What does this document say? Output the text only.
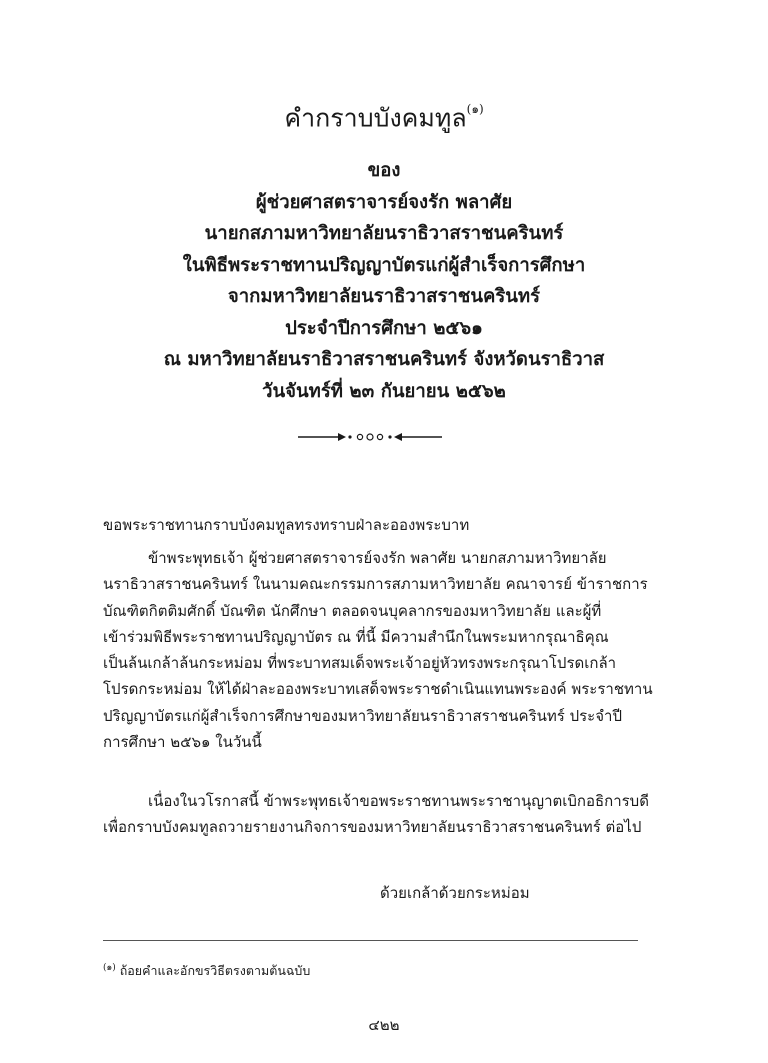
คำกราบบังคมทูล$^{(๑)}$
ของ
ผู้ช่วยศาสตราจารย์จงรัก พลาศัย
นายกสภามหาวิทยาลัยนราธิวาสราชนครินทร์
ในพิธีพระราชทานปริญญาบัตรแก่ผู้สำเร็จการศึกษา
จากมหาวิทยาลัยนราธิวาสราชนครินทร์
ประจำปีการศึกษา ๒๕๖๑
ณ มหาวิทยาลัยนราธิวาสราชนครินทร์ จังหวัดนราธิวาส
วันจันทร์ที่ ๒๓ กันยายน ๒๕๖๒
ขอพระราชทานกราบบังคมทูลทรงทราบฝ่าละอองพระบาท
ข้าพระพุทธเจ้า ผู้ช่วยศาสตราจารย์จงรัก พลาศัย นายกสภามหาวิทยาลัย
นราธิวาสราชนครินทร์ ในนามคณะกรรมการสภามหาวิทยาลัย คณาจารย์ ข้าราชการ
บัณฑิตกิตติมศักดิ์ บัณฑิต นักศึกษา ตลอดจนบุคลากรของมหาวิทยาลัย และผู้ที่
เข้าร่วมพิธีพระราชทานปริญญาบัตร ณ ที่นี้ มีความสำนึกในพระมหากรุณาธิคุณ
เป็นล้นเกล้าล้นกระหม่อม ที่พระบาทสมเด็จพระเจ้าอยู่หัวทรงพระกรุณาโปรดเกล้า
โปรดกระหม่อม ให้ได้ฝ่าละอองพระบาทเสด็จพระราชดำเนินแทนพระองค์ พระราชทาน
ปริญญาบัตรแก่ผู้สำเร็จการศึกษาของมหาวิทยาลัยนราธิวาสราชนครินทร์ ประจำปี
การศึกษา ๒๕๖๑ ในวันนี้
เนื่องในวโรกาสนี้ ข้าพระพุทธเจ้าขอพระราชทานพระราชานุญาตเบิกอธิการบดี
เพื่อกราบบังคมทูลถวายรายงานกิจการของมหาวิทยาลัยนราธิวาสราชนครินทร์ ต่อไป
ด้วยเกล้าด้วยกระหม่อม
$^{(๑)}$ ถ้อยคำและอักขรวิธีตรงตามต้นฉบับ
๔๒๒
